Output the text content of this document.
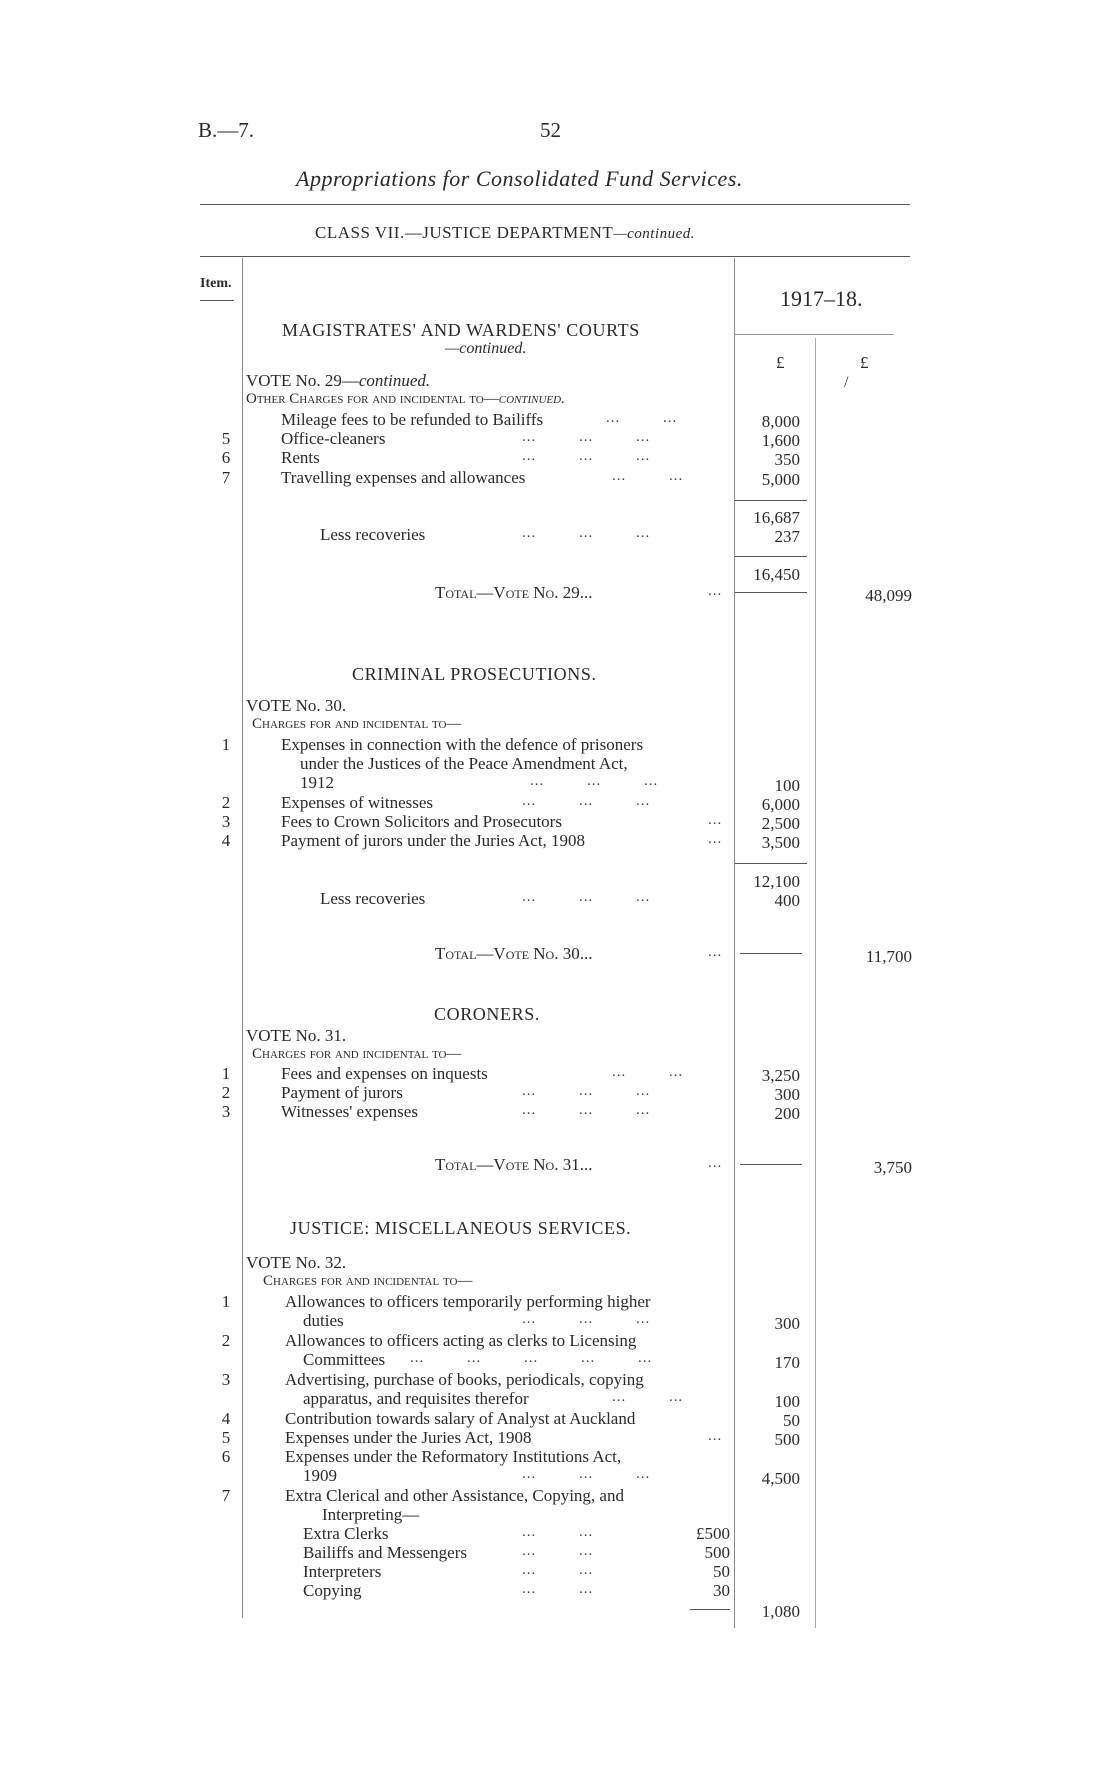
B.—7.	52
Appropriations for Consolidated Fund Services.
CLASS VII.—JUSTICE DEPARTMENT—continued.
Item.
1917–18.
£	£
/
MAGISTRATES' AND WARDENS' COURTS
—continued.
VOTE No. 29—continued.
Other Charges for and incidental to—continued.
Mileage fees to be refunded to Bailiffs	...         ...	8,000
5	Office-cleaners	...         ...         ...	1,600
6	Rents	...         ...         ...	350
7	Travelling expenses and allowances	...         ...	5,000
16,687
Less recoveries	...         ...         ...	237
16,450
Total—Vote No. 29...	...	48,099
CRIMINAL PROSECUTIONS.
VOTE No. 30.
Charges for and incidental to—
1	Expenses in connection with the defence of prisoners
under the Justices of the Peace Amendment Act,
1912	...         ...         ...	100
2	Expenses of witnesses	...         ...         ...	6,000
3	Fees to Crown Solicitors and Prosecutors	...	2,500
4	Payment of jurors under the Juries Act, 1908	...	3,500
12,100
Less recoveries	...         ...         ...	400
Total—Vote No. 30...	...	11,700
CORONERS.
VOTE No. 31.
Charges for and incidental to—
1	Fees and expenses on inquests	...         ...	3,250
2	Payment of jurors	...         ...         ...	300
3	Witnesses' expenses	...         ...         ...	200
Total—Vote No. 31...	...	3,750
JUSTICE: MISCELLANEOUS SERVICES.
VOTE No. 32.
Charges for and incidental to—
1	Allowances to officers temporarily performing higher
duties	...         ...         ...	300
2	Allowances to officers acting as clerks to Licensing
Committees ...         ...         ...         ...         ...	170
3	Advertising, purchase of books, periodicals, copying
apparatus, and requisites therefor	...         ...	100
4	Contribution towards salary of Analyst at Auckland	50
5	Expenses under the Juries Act, 1908	...	500
6	Expenses under the Reformatory Institutions Act,
1909	...         ...         ...	4,500
7	Extra Clerical and other Assistance, Copying, and
Interpreting—
Extra Clerks	...         ...	£500
Bailiffs and Messengers	...         ...	500
Interpreters	...         ...	50
Copying	...         ...	30
1,080
